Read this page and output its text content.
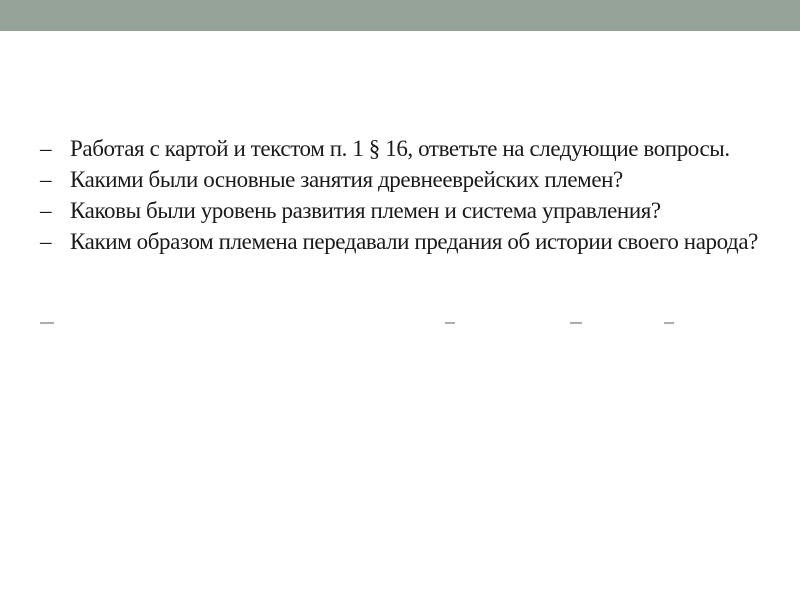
– Работая с картой и текстом п. 1 § 16, ответьте на следующие вопросы.
– Какими были основные занятия древнееврейских племен?
– Каковы были уровень развития племен и система управления?
– Каким образом племена передавали предания об истории своего народа?
